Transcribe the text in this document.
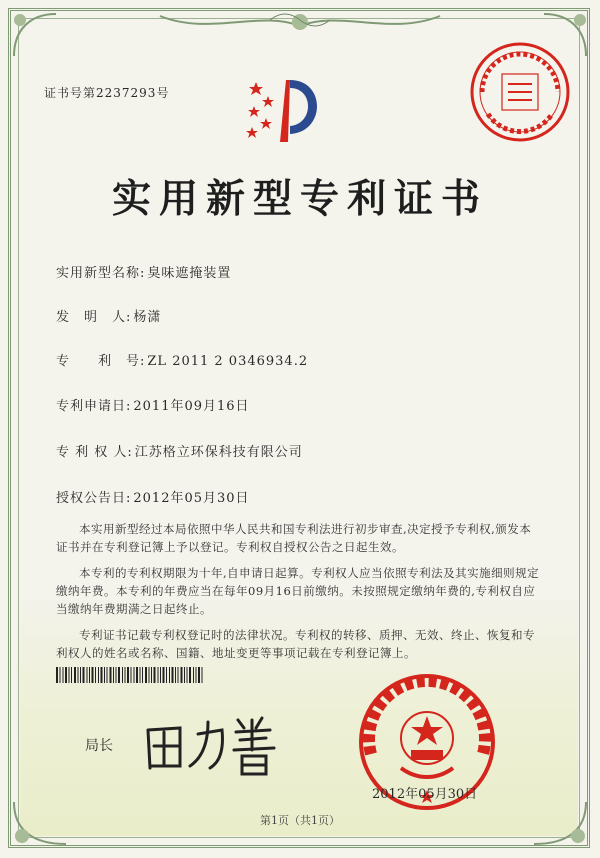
证书号第2237293号
实用新型专利证书
实用新型名称: 臭味遮掩装置
发　明　人: 杨潇
专　　利　号: ZL 2011 2 0346934.2
专利申请日: 2011年09月16日
专 利 权 人: 江苏格立环保科技有限公司
授权公告日: 2012年05月30日

本实用新型经过本局依照中华人民共和国专利法进行初步审查,决定授予专利权,颁发本证书并在专利登记簿上予以登记。专利权自授权公告之日起生效。

本专利的专利权期限为十年,自申请日起算。专利权人应当依照专利法及其实施细则规定缴纳年费。本专利的年费应当在每年09月16日前缴纳。未按照规定缴纳年费的,专利权自应当缴纳年费期满之日起终止。

专利证书记载专利权登记时的法律状况。专利权的转移、质押、无效、终止、恢复和专利权人的姓名或名称、国籍、地址变更等事项记载在专利登记簿上。

局长
2012年05月30日
第1页（共1页）
